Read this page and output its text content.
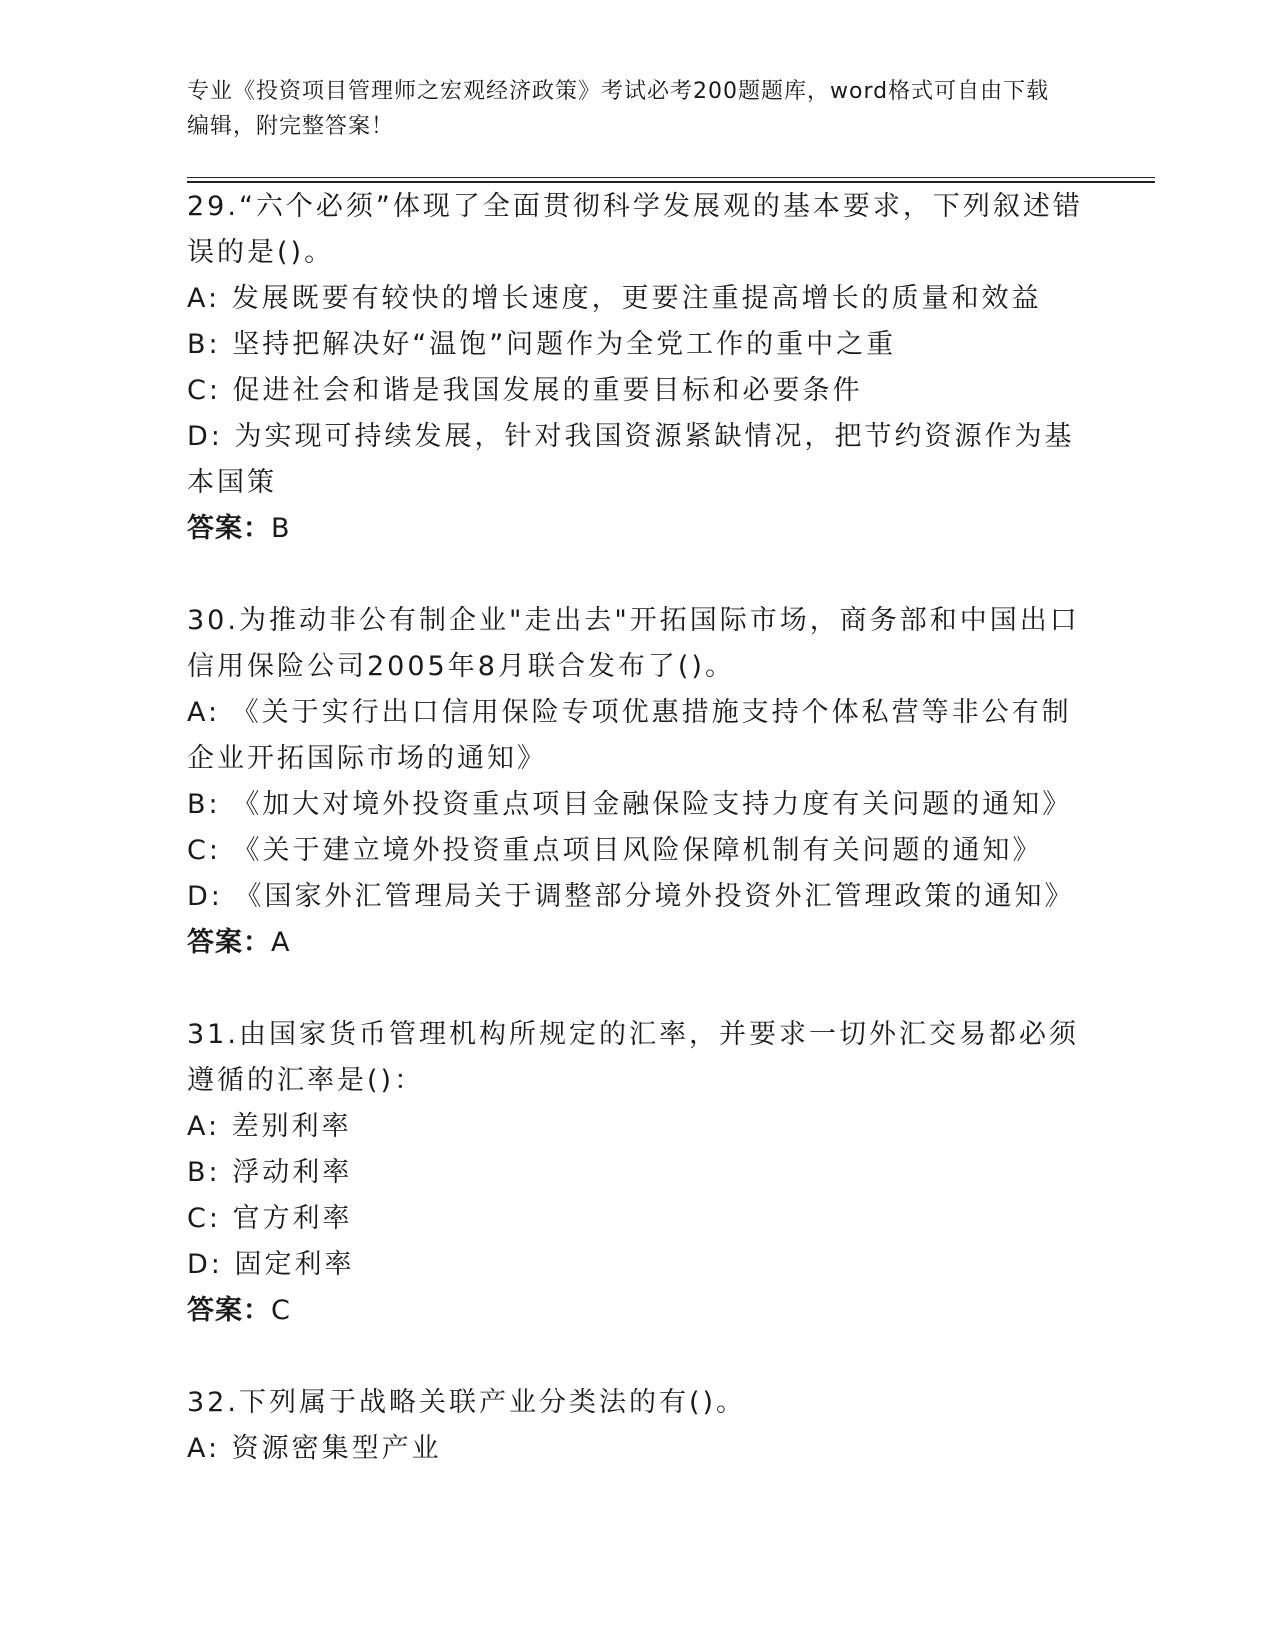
专业《投资项目管理师之宏观经济政策》考试必考200题题库，word格式可自由下载编辑，附完整答案！

29.“六个必须”体现了全面贯彻科学发展观的基本要求，下列叙述错误的是()。

A: 发展既要有较快的增长速度，更要注重提高增长的质量和效益

B: 坚持把解决好“温饱”问题作为全党工作的重中之重

C: 促进社会和谐是我国发展的重要目标和必要条件

D: 为实现可持续发展，针对我国资源紧缺情况，把节约资源作为基本国策

答案：B

30.为推动非公有制企业"走出去"开拓国际市场，商务部和中国出口信用保险公司2005年8月联合发布了()。

A: 《关于实行出口信用保险专项优惠措施支持个体私营等非公有制企业开拓国际市场的通知》

B: 《加大对境外投资重点项目金融保险支持力度有关问题的通知》

C: 《关于建立境外投资重点项目风险保障机制有关问题的通知》

D: 《国家外汇管理局关于调整部分境外投资外汇管理政策的通知》

答案：A

31.由国家货币管理机构所规定的汇率，并要求一切外汇交易都必须遵循的汇率是()：

A: 差别利率

B: 浮动利率

C: 官方利率

D: 固定利率

答案：C

32.下列属于战略关联产业分类法的有()。

A: 资源密集型产业
